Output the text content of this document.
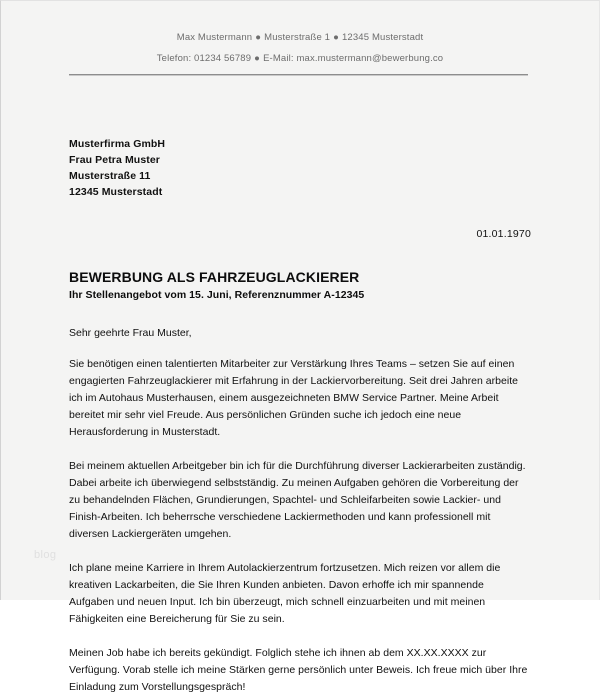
Max Mustermann ● Musterstraße 1 ● 12345 Musterstadt
Telefon: 01234 56789 ● E-Mail: max.mustermann@bewerbung.co
Musterfirma GmbH
Frau Petra Muster
Musterstraße 11
12345 Musterstadt
01.01.1970
BEWERBUNG ALS FAHRZEUGLACKIERER
Ihr Stellenangebot vom 15. Juni, Referenznummer A-12345
Sehr geehrte Frau Muster,
Sie benötigen einen talentierten Mitarbeiter zur Verstärkung Ihres Teams – setzen Sie auf einen engagierten Fahrzeuglackierer mit Erfahrung in der Lackiervorbereitung. Seit drei Jahren arbeite ich im Autohaus Musterhausen, einem ausgezeichneten BMW Service Partner. Meine Arbeit bereitet mir sehr viel Freude. Aus persönlichen Gründen suche ich jedoch eine neue Herausforderung in Musterstadt.
Bei meinem aktuellen Arbeitgeber bin ich für die Durchführung diverser Lackierarbeiten zuständig. Dabei arbeite ich überwiegend selbstständig. Zu meinen Aufgaben gehören die Vorbereitung der zu behandelnden Flächen, Grundierungen, Spachtel- und Schleifarbeiten sowie Lackier- und Finish-Arbeiten. Ich beherrsche verschiedene Lackiermethoden und kann professionell mit diversen Lackiergeräten umgehen.
Ich plane meine Karriere in Ihrem Autolackierzentrum fortzusetzen. Mich reizen vor allem die kreativen Lackarbeiten, die Sie Ihren Kunden anbieten. Davon erhoffe ich mir spannende Aufgaben und neuen Input. Ich bin überzeugt, mich schnell einzuarbeiten und mit meinen Fähigkeiten eine Bereicherung für Sie zu sein.
Meinen Job habe ich bereits gekündigt. Folglich stehe ich ihnen ab dem XX.XX.XXXX zur Verfügung. Vorab stelle ich meine Stärken gerne persönlich unter Beweis. Ich freue mich über Ihre Einladung zum Vorstellungsgespräch!
blog
